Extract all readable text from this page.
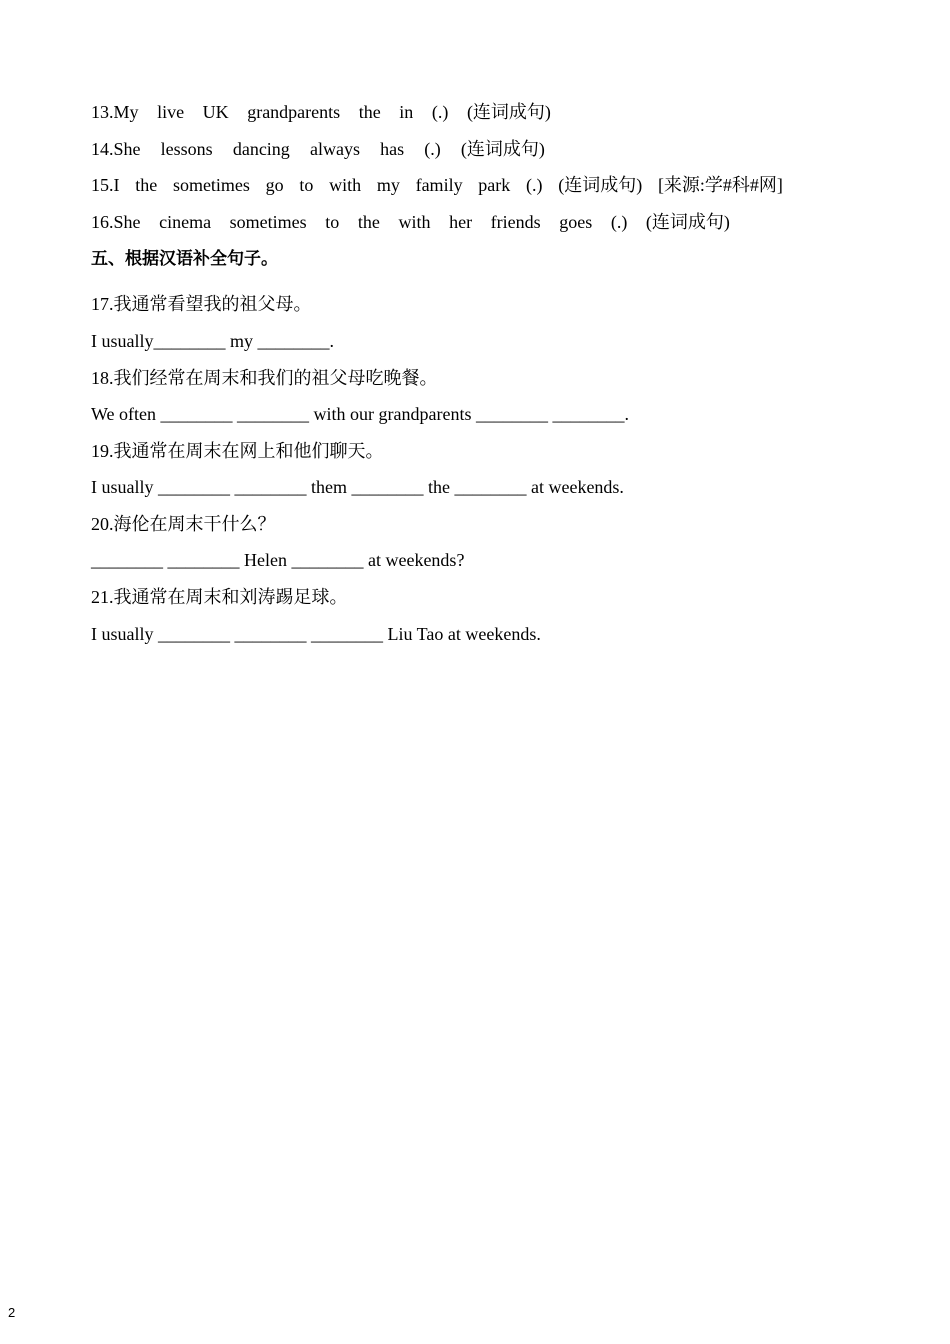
13.My live UK grandparents the in (.) (连词成句)
14.She lessons dancing always has (.) (连词成句)
15.I the sometimes go to with my family park (.) (连词成句) [来源:学#科#网]
16.She cinema sometimes to the with her friends goes (.) (连词成句)
五、根据汉语补全句子。
17.我通常看望我的祖父母。
I usually________ my ________.
18.我们经常在周末和我们的祖父母吃晚餐。
We often ________ ________ with our grandparents ________ ________.
19.我通常在周末在网上和他们聊天。
I usually ________ ________ them ________ the ________ at weekends.
20.海伦在周末干什么？
________ ________ Helen ________ at weekends?
21.我通常在周末和刘涛踢足球。
I usually ________ ________ ________ Liu Tao at weekends.
2
